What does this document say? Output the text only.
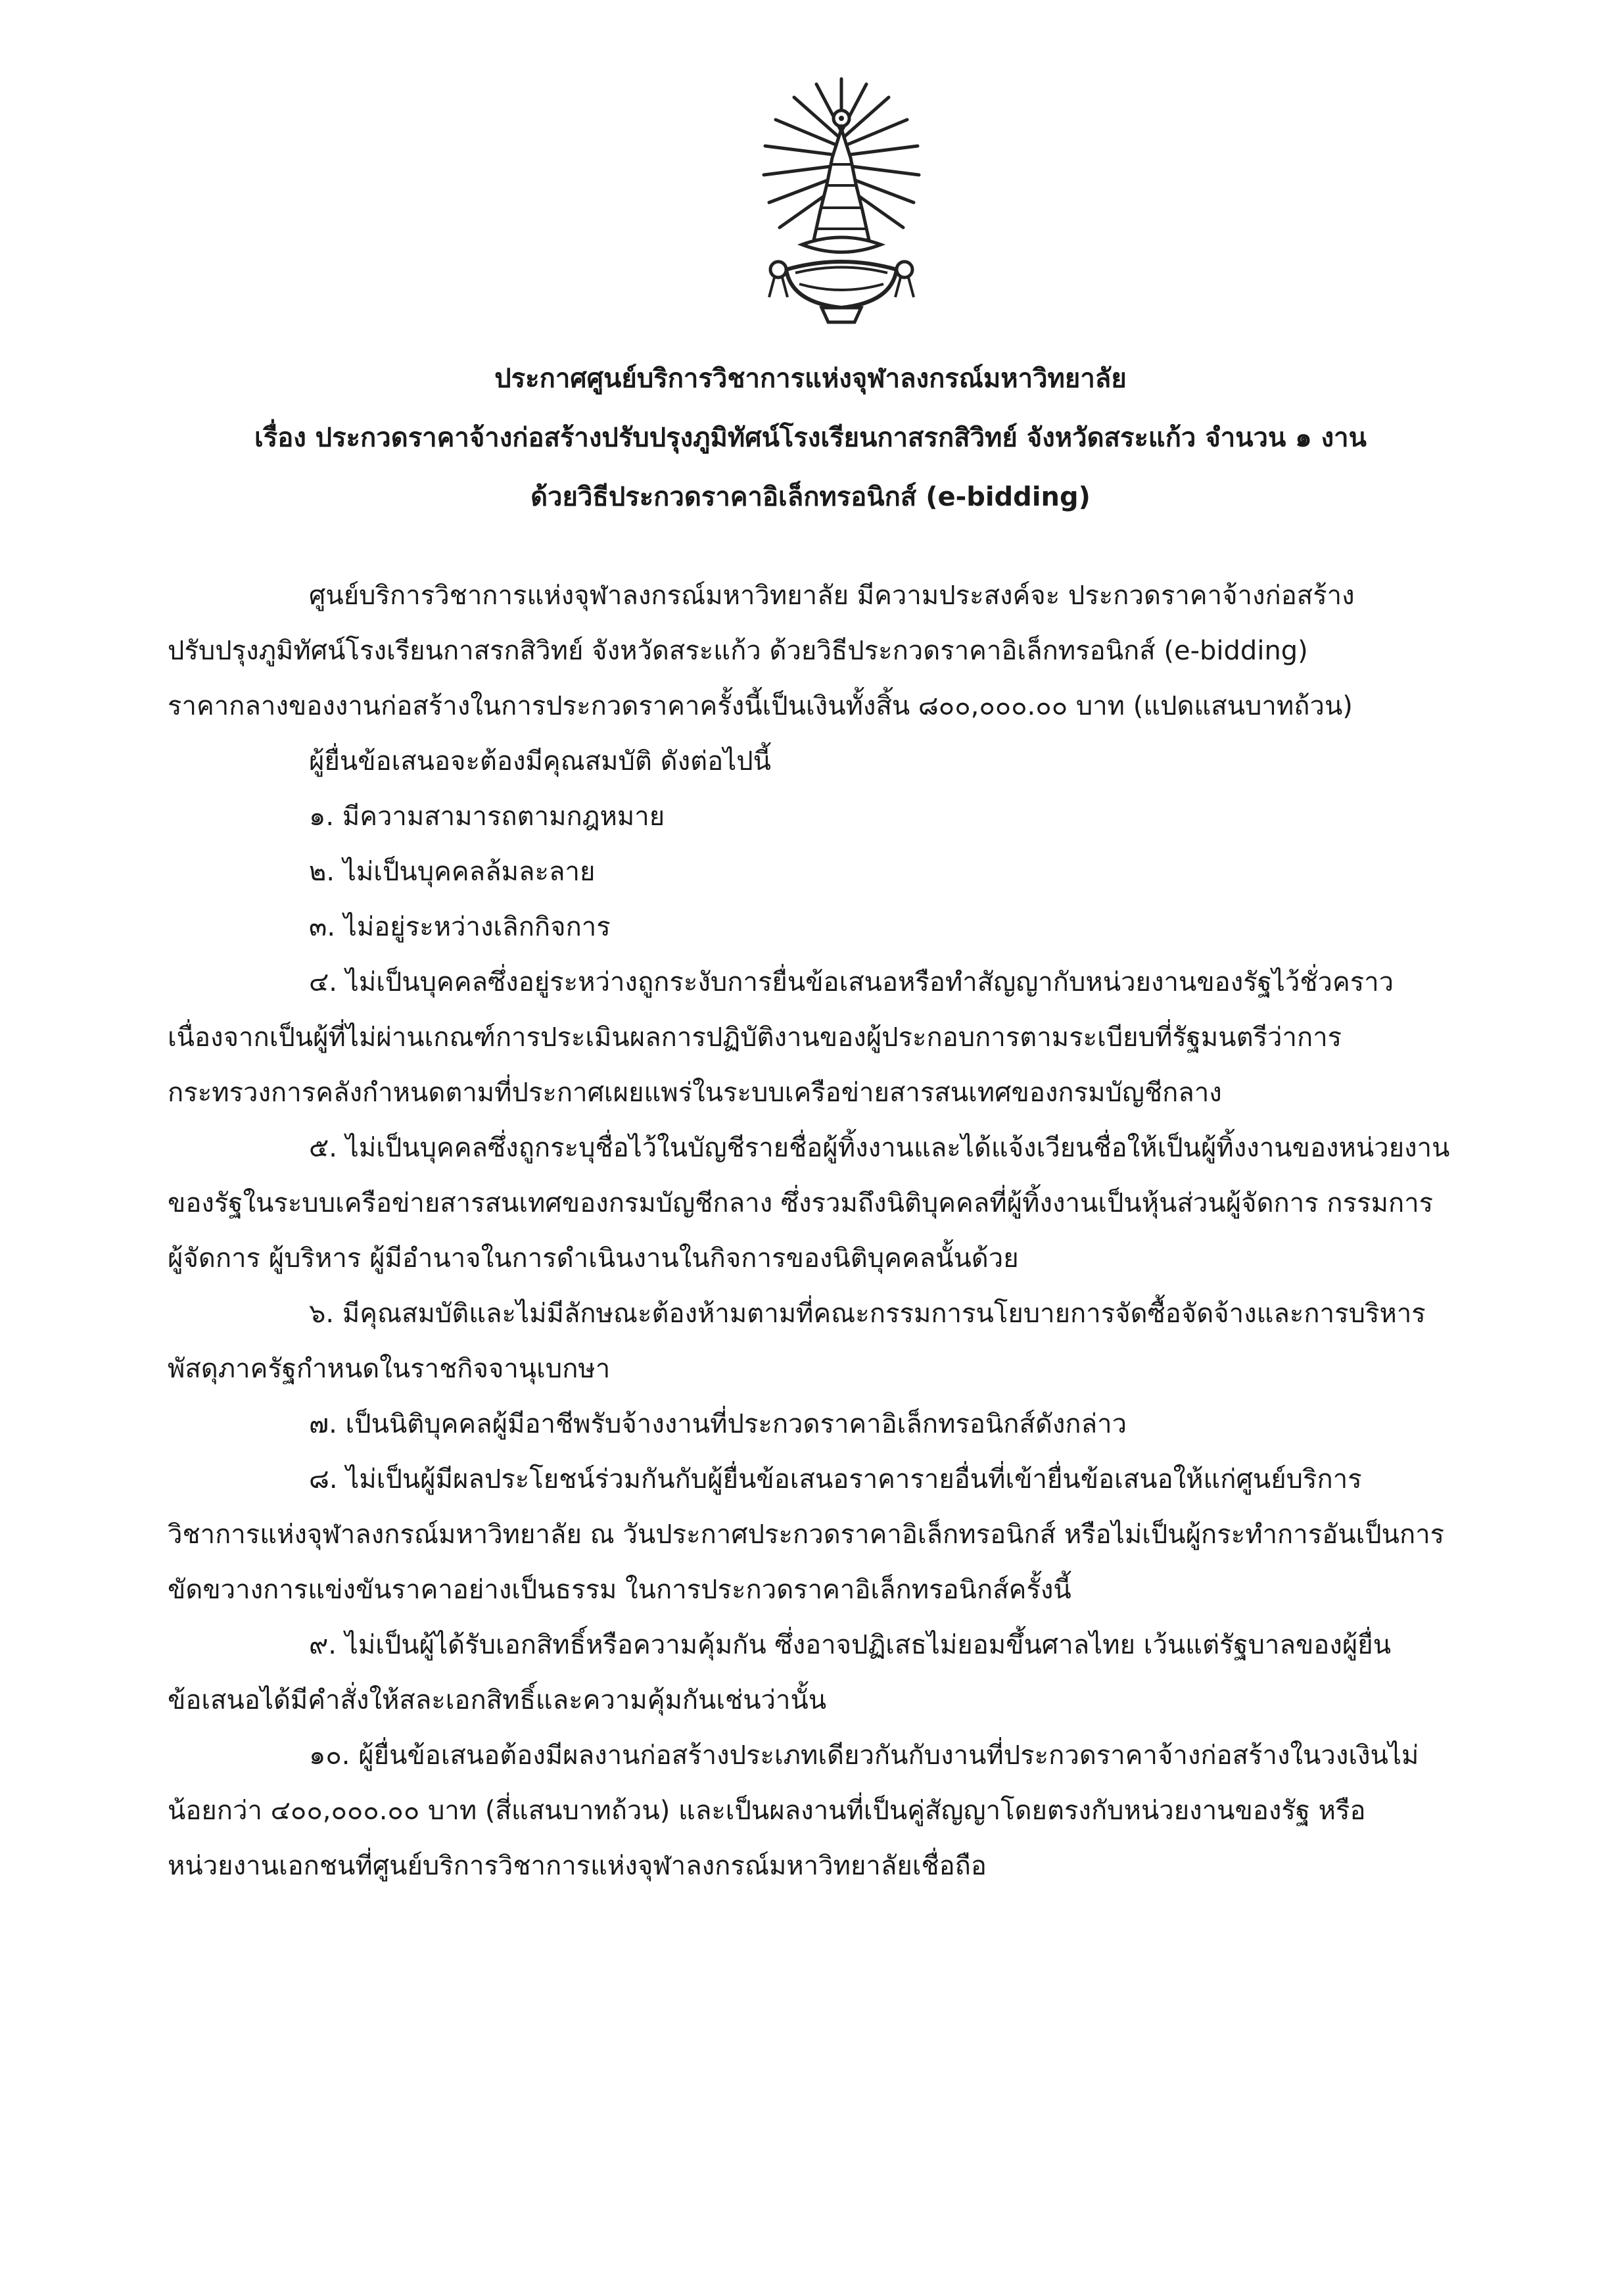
ประกาศศูนย์บริการวิชาการแห่งจุฬาลงกรณ์มหาวิทยาลัย
เรื่อง ประกวดราคาจ้างก่อสร้างปรับปรุงภูมิทัศน์โรงเรียนกาสรกสิวิทย์ จังหวัดสระแก้ว จำนวน ๑ งาน
ด้วยวิธีประกวดราคาอิเล็กทรอนิกส์ (e-bidding)
ศูนย์บริการวิชาการแห่งจุฬาลงกรณ์มหาวิทยาลัย มีความประสงค์จะ ประกวดราคาจ้างก่อสร้าง
ปรับปรุงภูมิทัศน์โรงเรียนกาสรกสิวิทย์ จังหวัดสระแก้ว ด้วยวิธีประกวดราคาอิเล็กทรอนิกส์ (e-bidding)
ราคากลางของงานก่อสร้างในการประกวดราคาครั้งนี้เป็นเงินทั้งสิ้น ๘๐๐,๐๐๐.๐๐ บาท (แปดแสนบาทถ้วน)
ผู้ยื่นข้อเสนอจะต้องมีคุณสมบัติ ดังต่อไปนี้
๑. มีความสามารถตามกฎหมาย
๒. ไม่เป็นบุคคลล้มละลาย
๓. ไม่อยู่ระหว่างเลิกกิจการ
๔. ไม่เป็นบุคคลซึ่งอยู่ระหว่างถูกระงับการยื่นข้อเสนอหรือทำสัญญากับหน่วยงานของรัฐไว้ชั่วคราว
เนื่องจากเป็นผู้ที่ไม่ผ่านเกณฑ์การประเมินผลการปฏิบัติงานของผู้ประกอบการตามระเบียบที่รัฐมนตรีว่าการ
กระทรวงการคลังกำหนดตามที่ประกาศเผยแพร่ในระบบเครือข่ายสารสนเทศของกรมบัญชีกลาง
๕. ไม่เป็นบุคคลซึ่งถูกระบุชื่อไว้ในบัญชีรายชื่อผู้ทิ้งงานและได้แจ้งเวียนชื่อให้เป็นผู้ทิ้งงานของหน่วยงาน
ของรัฐในระบบเครือข่ายสารสนเทศของกรมบัญชีกลาง ซึ่งรวมถึงนิติบุคคลที่ผู้ทิ้งงานเป็นหุ้นส่วนผู้จัดการ กรรมการ
ผู้จัดการ ผู้บริหาร ผู้มีอำนาจในการดำเนินงานในกิจการของนิติบุคคลนั้นด้วย
๖. มีคุณสมบัติและไม่มีลักษณะต้องห้ามตามที่คณะกรรมการนโยบายการจัดซื้อจัดจ้างและการบริหาร
พัสดุภาครัฐกำหนดในราชกิจจานุเบกษา
๗. เป็นนิติบุคคลผู้มีอาชีพรับจ้างงานที่ประกวดราคาอิเล็กทรอนิกส์ดังกล่าว
๘. ไม่เป็นผู้มีผลประโยชน์ร่วมกันกับผู้ยื่นข้อเสนอราคารายอื่นที่เข้ายื่นข้อเสนอให้แก่ศูนย์บริการ
วิชาการแห่งจุฬาลงกรณ์มหาวิทยาลัย ณ วันประกาศประกวดราคาอิเล็กทรอนิกส์ หรือไม่เป็นผู้กระทำการอันเป็นการ
ขัดขวางการแข่งขันราคาอย่างเป็นธรรม ในการประกวดราคาอิเล็กทรอนิกส์ครั้งนี้
๙. ไม่เป็นผู้ได้รับเอกสิทธิ์หรือความคุ้มกัน ซึ่งอาจปฏิเสธไม่ยอมขึ้นศาลไทย เว้นแต่รัฐบาลของผู้ยื่น
ข้อเสนอได้มีคำสั่งให้สละเอกสิทธิ์และความคุ้มกันเช่นว่านั้น
๑๐. ผู้ยื่นข้อเสนอต้องมีผลงานก่อสร้างประเภทเดียวกันกับงานที่ประกวดราคาจ้างก่อสร้างในวงเงินไม่
น้อยกว่า ๔๐๐,๐๐๐.๐๐ บาท (สี่แสนบาทถ้วน) และเป็นผลงานที่เป็นคู่สัญญาโดยตรงกับหน่วยงานของรัฐ หรือ
หน่วยงานเอกชนที่ศูนย์บริการวิชาการแห่งจุฬาลงกรณ์มหาวิทยาลัยเชื่อถือ
